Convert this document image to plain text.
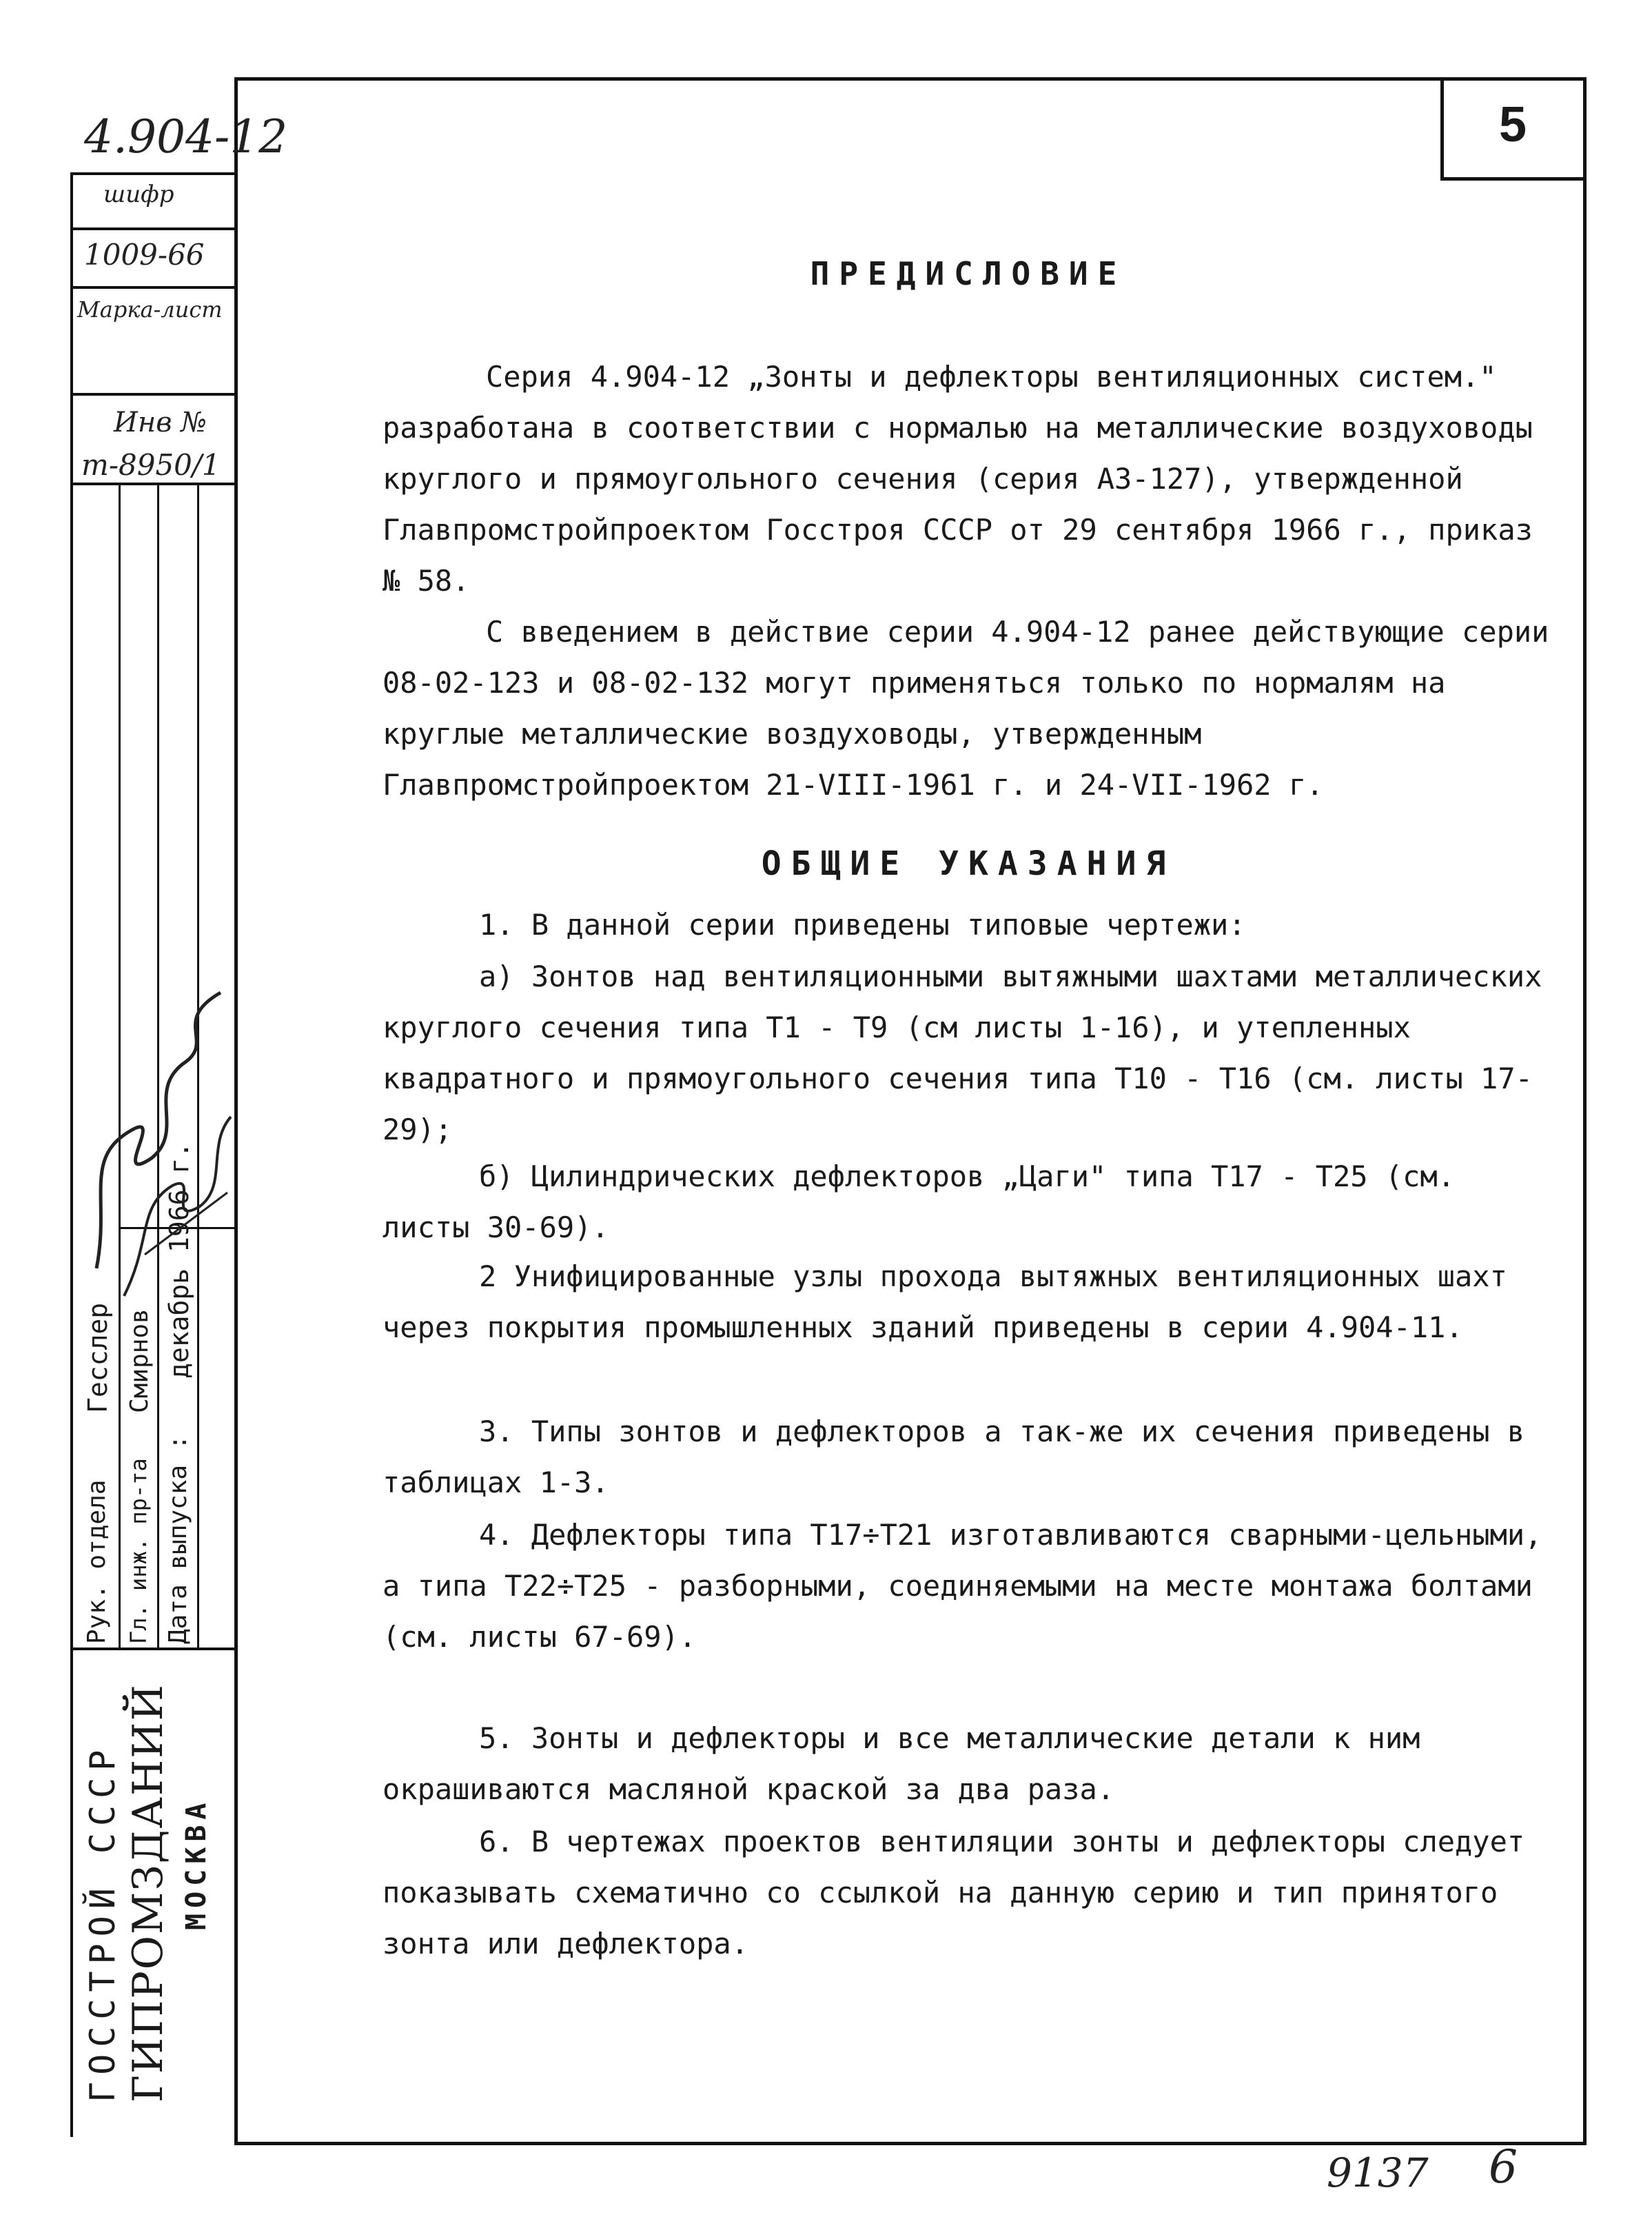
5
4.904-12
шифр
1009-66
Марка-лист
Инв №
т-8950/1
Рук. отдела Гл. инж. пр-та Дата выпуска :
Гесслер Смирнов декабрь 1966 г.
ГОССТРОЙ СССР ГИПРОМЗДАНИЙ МОСКВА
ПРЕДИСЛОВИЕ

Серия 4.904-12 „Зонты и дефлекторы вентиляционных систем." разработана в соответствии с нормалью на металлические воздуховоды круглого и прямоугольного сечения (серия А3-127), утвержденной Главпромстройпроектом Госстроя СССР от 29 сентября 1966 г., приказ № 58.

С введением в действие серии 4.904-12 ранее действующие серии 08-02-123 и 08-02-132 могут применяться только по нормалям на круглые металлические воздуховоды, утвержденным Главпромстройпроектом 21-VIII-1961 г. и 24-VII-1962 г.

ОБЩИЕ УКАЗАНИЯ

1. В данной серии приведены типовые чертежи:

а) Зонтов над вентиляционными вытяжными шахтами металлических круглого сечения типа Т1 - Т9 (см листы 1-16), и утепленных квадратного и прямоугольного сечения типа Т10 - Т16 (см. листы 17-29);

б) Цилиндрических дефлекторов „Цаги" типа Т17 - Т25 (см. листы 30-69).

2 Унифицированные узлы прохода вытяжных вентиляционных шахт через покрытия промышленных зданий приведены в серии 4.904-11.

3. Типы зонтов и дефлекторов а так-же их сечения приведены в таблицах 1-3.

4. Дефлекторы типа Т17÷Т21 изготавливаются сварными-цельными, а типа Т22÷Т25 - разборными, соединяемыми на месте монтажа болтами (см. листы 67-69).

5. Зонты и дефлекторы и все металлические детали к ним окрашиваются масляной краской за два раза.

6. В чертежах проектов вентиляции зонты и дефлекторы следует показывать схематично со ссылкой на данную серию и тип принятого зонта или дефлектора.

9137 6
